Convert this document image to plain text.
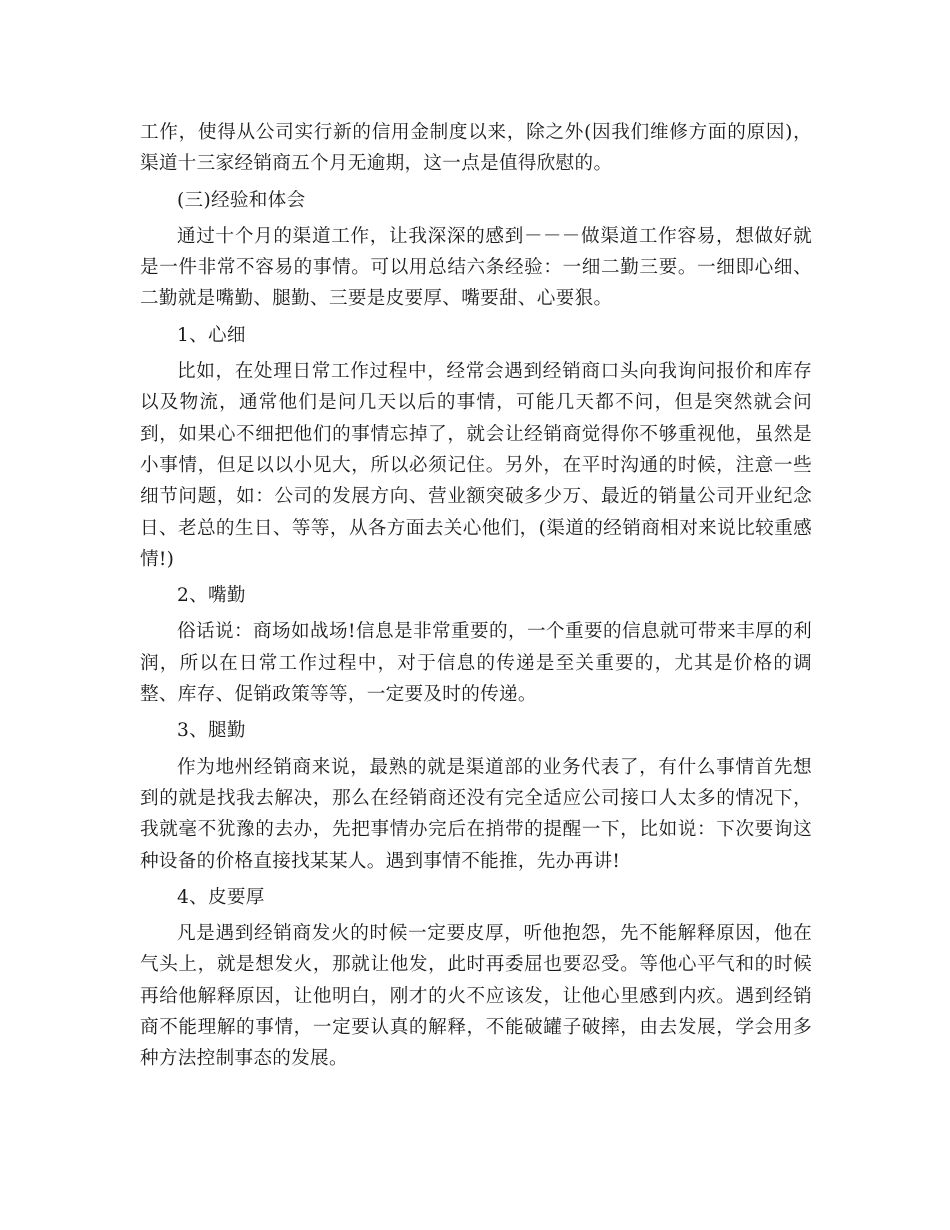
工作，使得从公司实行新的信用金制度以来，除之外(因我们维修方面的原因)，渠道十三家经销商五个月无逾期，这一点是值得欣慰的。

(三)经验和体会

通过十个月的渠道工作，让我深深的感到－－－做渠道工作容易，想做好就是一件非常不容易的事情。可以用总结六条经验：一细二勤三要。一细即心细、二勤就是嘴勤、腿勤、三要是皮要厚、嘴要甜、心要狠。

1、心细

比如，在处理日常工作过程中，经常会遇到经销商口头向我询问报价和库存以及物流，通常他们是问几天以后的事情，可能几天都不问，但是突然就会问到，如果心不细把他们的事情忘掉了，就会让经销商觉得你不够重视他，虽然是小事情，但足以以小见大，所以必须记住。另外，在平时沟通的时候，注意一些细节问题，如：公司的发展方向、营业额突破多少万、最近的销量公司开业纪念日、老总的生日、等等，从各方面去关心他们，(渠道的经销商相对来说比较重感情!)

2、嘴勤

俗话说：商场如战场!信息是非常重要的，一个重要的信息就可带来丰厚的利润，所以在日常工作过程中，对于信息的传递是至关重要的，尤其是价格的调整、库存、促销政策等等，一定要及时的传递。

3、腿勤

作为地州经销商来说，最熟的就是渠道部的业务代表了，有什么事情首先想到的就是找我去解决，那么在经销商还没有完全适应公司接口人太多的情况下，我就毫不犹豫的去办，先把事情办完后在捎带的提醒一下，比如说：下次要询这种设备的价格直接找某某人。遇到事情不能推，先办再讲!

4、皮要厚

凡是遇到经销商发火的时候一定要皮厚，听他抱怨，先不能解释原因，他在气头上，就是想发火，那就让他发，此时再委屈也要忍受。等他心平气和的时候再给他解释原因，让他明白，刚才的火不应该发，让他心里感到内疚。遇到经销商不能理解的事情，一定要认真的解释，不能破罐子破摔，由去发展，学会用多种方法控制事态的发展。
